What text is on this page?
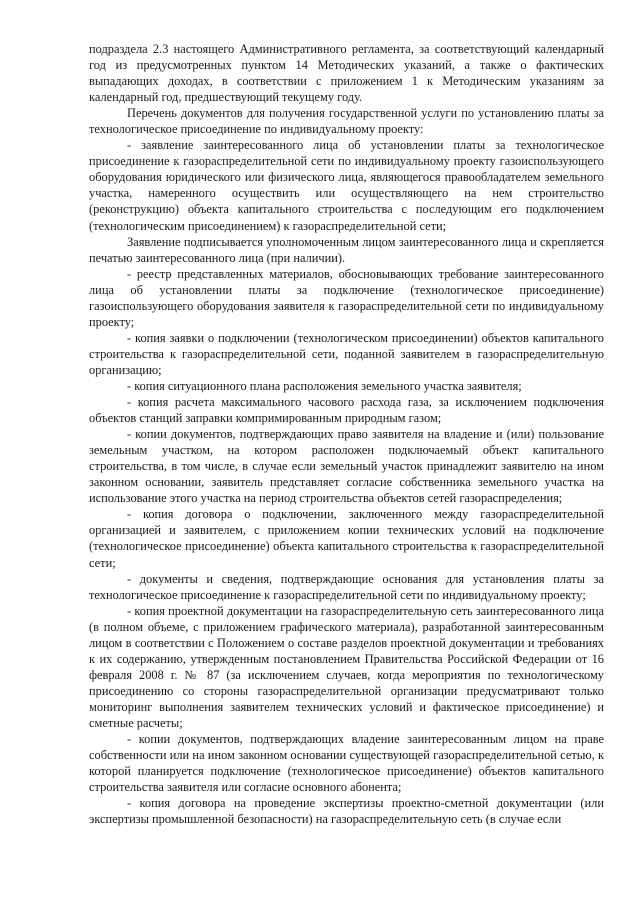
подраздела 2.3 настоящего Административного регламента, за соответствующий календарный год из предусмотренных пунктом 14 Методических указаний, а также о фактических выпадающих доходах, в соответствии с приложением 1 к Методическим указаниям за календарный год, предшествующий текущему году.

Перечень документов для получения государственной услуги по установлению платы за технологическое присоединение по индивидуальному проекту:

- заявление заинтересованного лица об установлении платы за технологическое присоединение к газораспределительной сети по индивидуальному проекту газоиспользующего оборудования юридического или физического лица, являющегося правообладателем земельного участка, намеренного осуществить или осуществляющего на нем строительство (реконструкцию) объекта капитального строительства с последующим его подключением (технологическим присоединением) к газораспределительной сети;

Заявление подписывается уполномоченным лицом заинтересованного лица и скрепляется печатью заинтересованного лица (при наличии).

- реестр представленных материалов, обосновывающих требование заинтересованного лица об установлении платы за подключение (технологическое присоединение) газоиспользующего оборудования заявителя к газораспределительной сети по индивидуальному проекту;

- копия заявки о подключении (технологическом присоединении) объектов капитального строительства к газораспределительной сети, поданной заявителем в газораспределительную организацию;

- копия ситуационного плана расположения земельного участка заявителя;

- копия расчета максимального часового расхода газа, за исключением подключения объектов станций заправки компримированным природным газом;

- копии документов, подтверждающих право заявителя на владение и (или) пользование земельным участком, на котором расположен подключаемый объект капитального строительства, в том числе, в случае если земельный участок принадлежит заявителю на ином законном основании, заявитель представляет согласие собственника земельного участка на использование этого участка на период строительства объектов сетей газораспределения;

- копия договора о подключении, заключенного между газораспределительной организацией и заявителем, с приложением копии технических условий на подключение (технологическое присоединение) объекта капитального строительства к газораспределительной сети;

- документы и сведения, подтверждающие основания для установления платы за технологическое присоединение к газораспределительной сети по индивидуальному проекту;

- копия проектной документации на газораспределительную сеть заинтересованного лица (в полном объеме, с приложением графического материала), разработанной заинтересованным лицом в соответствии с Положением о составе разделов проектной документации и требованиях к их содержанию, утвержденным постановлением Правительства Российской Федерации от 16 февраля 2008 г. № 87 (за исключением случаев, когда мероприятия по технологическому присоединению со стороны газораспределительной организации предусматривают только мониторинг выполнения заявителем технических условий и фактическое присоединение) и сметные расчеты;

- копии документов, подтверждающих владение заинтересованным лицом на праве собственности или на ином законном основании существующей газораспределительной сетью, к которой планируется подключение (технологическое присоединение) объектов капитального строительства заявителя или согласие основного абонента;

- копия договора на проведение экспертизы проектно-сметной документации (или экспертизы промышленной безопасности) на газораспределительную сеть (в случае если
